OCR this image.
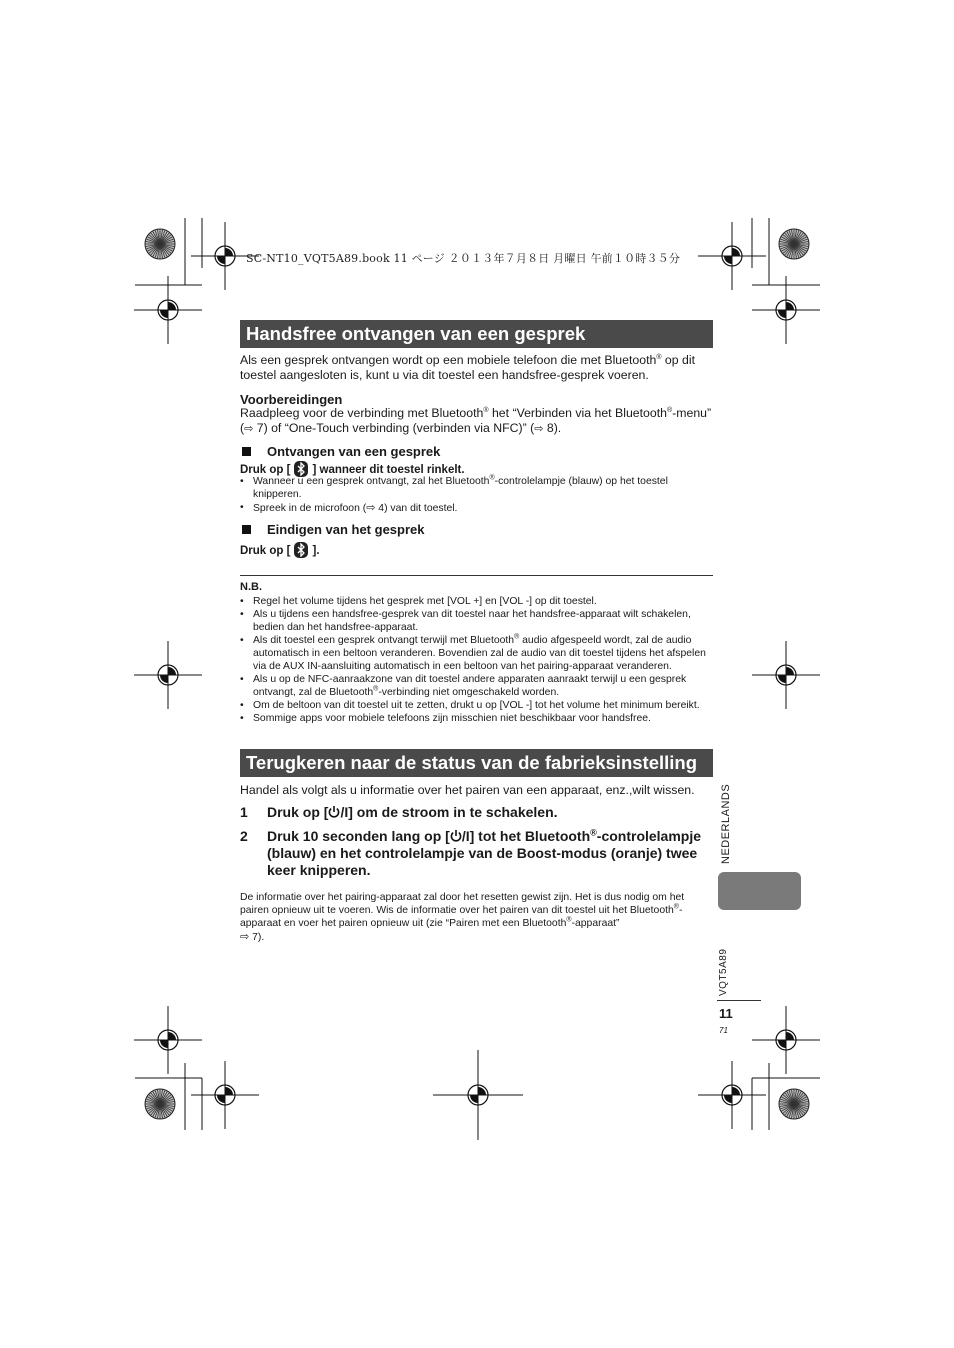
SC-NT10_VQT5A89.book 11 ページ ２０１３年７月８日 月曜日 午前１０時３５分
Handsfree ontvangen van een gesprek
Als een gesprek ontvangen wordt op een mobiele telefoon die met Bluetooth® op dit toestel aangesloten is, kunt u via dit toestel een handsfree-gesprek voeren.
Voorbereidingen
Raadpleeg voor de verbinding met Bluetooth® het “Verbinden via het Bluetooth®-menu” (⇨ 7) of “One-Touch verbinding (verbinden via NFC)” (⇨ 8).
Ontvangen van een gesprek
Druk op [ ] wanneer dit toestel rinkelt.
• Wanneer u een gesprek ontvangt, zal het Bluetooth®-controlelampje (blauw) op het toestel knipperen.
• Spreek in de microfoon (⇨ 4) van dit toestel.
Eindigen van het gesprek
Druk op [ ].
N.B.
• Regel het volume tijdens het gesprek met [VOL +] en [VOL -] op dit toestel.
• Als u tijdens een handsfree-gesprek van dit toestel naar het handsfree-apparaat wilt schakelen, bedien dan het handsfree-apparaat.
• Als dit toestel een gesprek ontvangt terwijl met Bluetooth® audio afgespeeld wordt, zal de audio automatisch in een beltoon veranderen. Bovendien zal de audio van dit toestel tijdens het afspelen via de AUX IN-aansluiting automatisch in een beltoon van het pairing-apparaat veranderen.
• Als u op de NFC-aanraakzone van dit toestel andere apparaten aanraakt terwijl u een gesprek ontvangt, zal de Bluetooth®-verbinding niet omgeschakeld worden.
• Om de beltoon van dit toestel uit te zetten, drukt u op [VOL -] tot het volume het minimum bereikt.
• Sommige apps voor mobiele telefoons zijn misschien niet beschikbaar voor handsfree.
Terugkeren naar de status van de fabrieksinstelling
Handel als volgt als u informatie over het pairen van een apparaat, enz.,wilt wissen.
1	Druk op [ /I] om de stroom in te schakelen.
2	Druk 10 seconden lang op [ /I] tot het Bluetooth®-controlelampje (blauw) en het controlelampje van de Boost-modus (oranje) twee keer knipperen.
De informatie over het pairing-apparaat zal door het resetten gewist zijn. Het is dus nodig om het pairen opnieuw uit te voeren. Wis de informatie over het pairen van dit toestel uit het Bluetooth®-apparaat en voer het pairen opnieuw uit (zie “Pairen met een Bluetooth®-apparaat”
⇨ 7).
NEDERLANDS
VQT5A89
11
71
